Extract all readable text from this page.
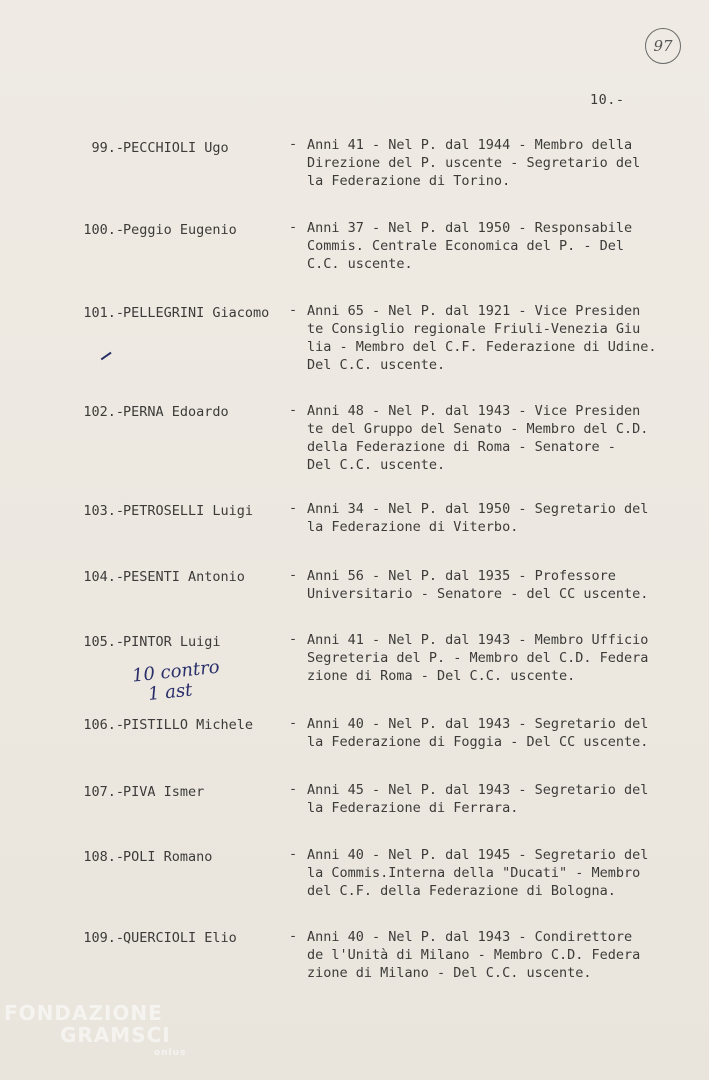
97
10.-
99.- PECCHIOLI Ugo	- Anni 41 - Nel P. dal 1944 - Membro della
Direzione del P. uscente - Segretario del
la Federazione di Torino.
100.- Peggio Eugenio	- Anni 37 - Nel P. dal 1950 - Responsabile
Commis. Centrale Economica del P. - Del
C.C. uscente.
101.- PELLEGRINI Giacomo - Anni 65 - Nel P. dal 1921 - Vice Presiden
te Consiglio regionale Friuli-Venezia Giu
lia - Membro del C.F. Federazione di Udine.
Del C.C. uscente.
102.- PERNA Edoardo	- Anni 48 - Nel P. dal 1943 - Vice Presiden
te del Gruppo del Senato - Membro del C.D.
della Federazione di Roma - Senatore -
Del C.C. uscente.
103.- PETROSELLI Luigi	- Anni 34 - Nel P. dal 1950 - Segretario del
la Federazione di Viterbo.
104.- PESENTI Antonio	- Anni 56 - Nel P. dal 1935 - Professore
Universitario - Senatore - del CC uscente.
105.- PINTOR Luigi	- Anni 41 - Nel P. dal 1943 - Membro Ufficio
Segreteria del P. - Membro del C.D. Federa
zione di Roma - Del C.C. uscente.
106.- PISTILLO Michele	- Anni 40 - Nel P. dal 1943 - Segretario del
la Federazione di Foggia - Del CC uscente.
107.- PIVA Ismer	- Anni 45 - Nel P. dal 1943 - Segretario del
la Federazione di Ferrara.
108.- POLI Romano	- Anni 40 - Nel P. dal 1945 - Segretario del
la Commis.Interna della "Ducati" - Membro
del C.F. della Federazione di Bologna.
109.- QUERCIOLI Elio	- Anni 40 - Nel P. dal 1943 - Condirettore
de l'Unità di Milano - Membro C.D. Federa
zione di Milano - Del C.C. uscente.
10 contro
1 ast
FONDAZIONE
GRAMSCI
onlus
